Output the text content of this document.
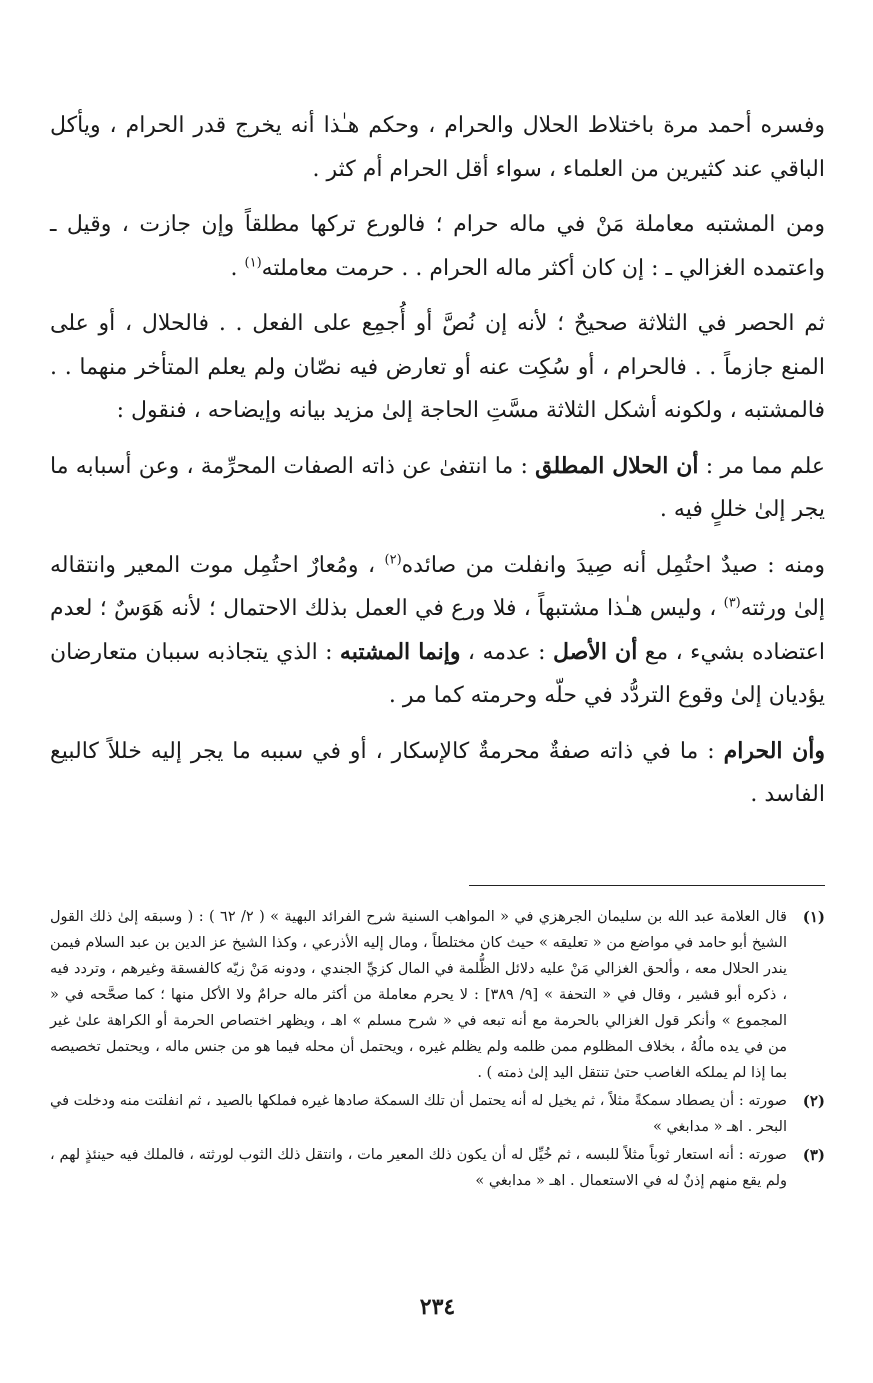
وفسره أحمد مرة باختلاط الحلال والحرام ، وحكم هـٰذا أنه يخرج قدر الحرام ، ويأكل الباقي عند كثيرين من العلماء ، سواء أقل الحرام أم كثر .

ومن المشتبه معاملة مَنْ في ماله حرام ؛ فالورع تركها مطلقاً وإن جازت ، وقيل ـ واعتمده الغزالي ـ : إن كان أكثر ماله الحرام . . حرمت معاملته$^{(١)}$ .

ثم الحصر في الثلاثة صحيحٌ ؛ لأنه إن نُصَّ أو أُجمِع على الفعل . . فالحلال ، أو على المنع جازماً . . فالحرام ، أو سُكِت عنه أو تعارض فيه نصّان ولم يعلم المتأخر منهما . . فالمشتبه ، ولكونه أشكل الثلاثة مسَّتِ الحاجة إلىٰ مزيد بيانه وإيضاحه ، فنقول :

علم مما مر : أن الحلال المطلق : ما انتفىٰ عن ذاته الصفات المحرِّمة ، وعن أسبابه ما يجر إلىٰ خللٍ فيه .

ومنه : صيدٌ احتُمِل أنه صِيدَ وانفلت من صائده$^{(٢)}$ ، ومُعارٌ احتُمِل موت المعير وانتقاله إلىٰ ورثته$^{(٣)}$ ، وليس هـٰذا مشتبهاً ، فلا ورع في العمل بذلك الاحتمال ؛ لأنه هَوَسٌ ؛ لعدم اعتضاده بشيء ، مع أن الأصل : عدمه ، وإنما المشتبه : الذي يتجاذبه سببان متعارضان يؤديان إلىٰ وقوع التردُّد في حلّه وحرمته كما مر .

وأن الحرام : ما في ذاته صفةٌ محرمةٌ كالإسكار ، أو في سببه ما يجر إليه خللاً كالبيع الفاسد .

(١)
قال العلامة عبد الله بن سليمان الجرهزي في « المواهب السنية شرح الفرائد البهية » ( ٢/ ٦٢ ) : ( وسبقه إلىٰ ذلك القول الشيخ أبو حامد في مواضع من « تعليقه » حيث كان مختلطاً ، ومال إليه الأذرعي ، وكذا الشيخ عز الدين بن عبد السلام فيمن يندر الحلال معه ، وألحق الغزالي مَنْ عليه دلائل الظُّلمة في المال كزيِّ الجندي ، ودونه مَنْ زيّه كالفسقة وغيرهم ، وتردد فيه ، ذكره أبو قشير ، وقال في « التحفة » [٩/ ٣٨٩] : لا يحرم معاملة من أكثر ماله حرامٌ ولا الأكل منها ؛ كما صحَّحه في « المجموع » وأنكر قول الغزالي بالحرمة مع أنه تبعه في « شرح مسلم » اهـ ، ويظهر اختصاص الحرمة أو الكراهة علىٰ غير من في يده مالُهُ ، بخلاف المظلوم ممن ظلمه ولم يظلم غيره ، ويحتمل أن محله فيما هو من جنس ماله ، ويحتمل تخصيصه بما إذا لم يملكه الغاصب حتىٰ تنتقل اليد إلىٰ ذمته ) .
(٢)
صورته : أن يصطاد سمكةً مثلاً ، ثم يخيل له أنه يحتمل أن تلك السمكة صادها غيره فملكها بالصيد ، ثم انفلتت منه ودخلت في البحر . اهـ « مدابغي »
(٣)
صورته : أنه استعار ثوباً مثلاً للبسه ، ثم خُيِّل له أن يكون ذلك المعير مات ، وانتقل ذلك الثوب لورثته ، فالملك فيه حينئذٍ لهم ، ولم يقع منهم إذنٌ له في الاستعمال . اهـ « مدابغي »
٢٣٤
